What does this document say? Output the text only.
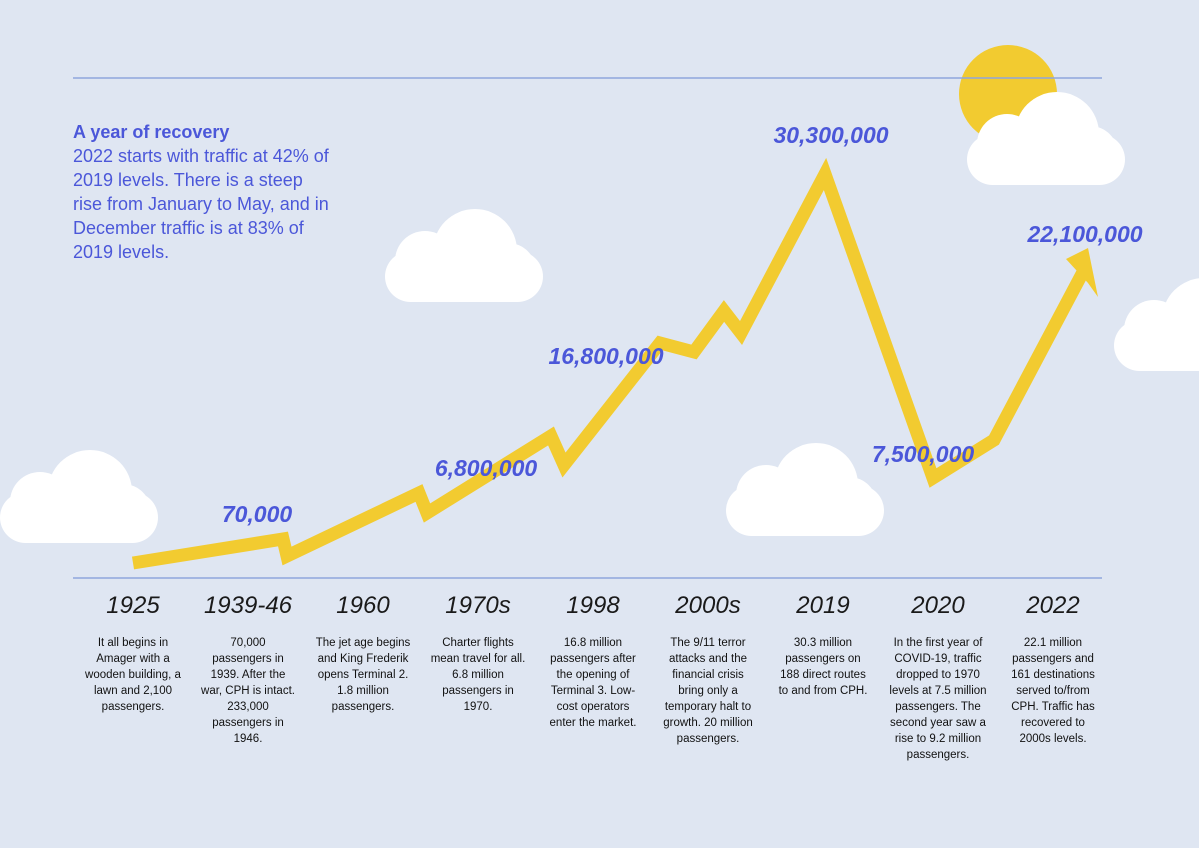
70,000
6,800,000
16,800,000
30,300,000
7,500,000
22,100,000
A year of recovery

2022 starts with traffic at 42% of 2019 levels. There is a steep rise from January to May, and in December traffic is at 83% of 2019 levels.

1925
It all begins in Amager with a wooden building, a lawn and 2,100 passengers.
1939-46
70,000 passengers in 1939. After the war, CPH is intact. 233,000 passengers in 1946.
1960
The jet age begins and King Frederik opens Terminal 2. 1.8 million passengers.
1970s
Charter flights mean travel for all. 6.8 million passengers in 1970.
1998
16.8 million passengers after the opening of Terminal 3. Low-cost operators enter the market.
2000s
The 9/11 terror attacks and the financial crisis bring only a temporary halt to growth. 20 million passengers.
2019
30.3 million passengers on 188 direct routes to and from CPH.
2020
In the first year of COVID-19, traffic dropped to 1970 levels at 7.5 million passengers. The second year saw a rise to 9.2 million passengers.
2022
22.1 million passengers and 161 destinations served to/from CPH. Traffic has recovered to 2000s levels.
